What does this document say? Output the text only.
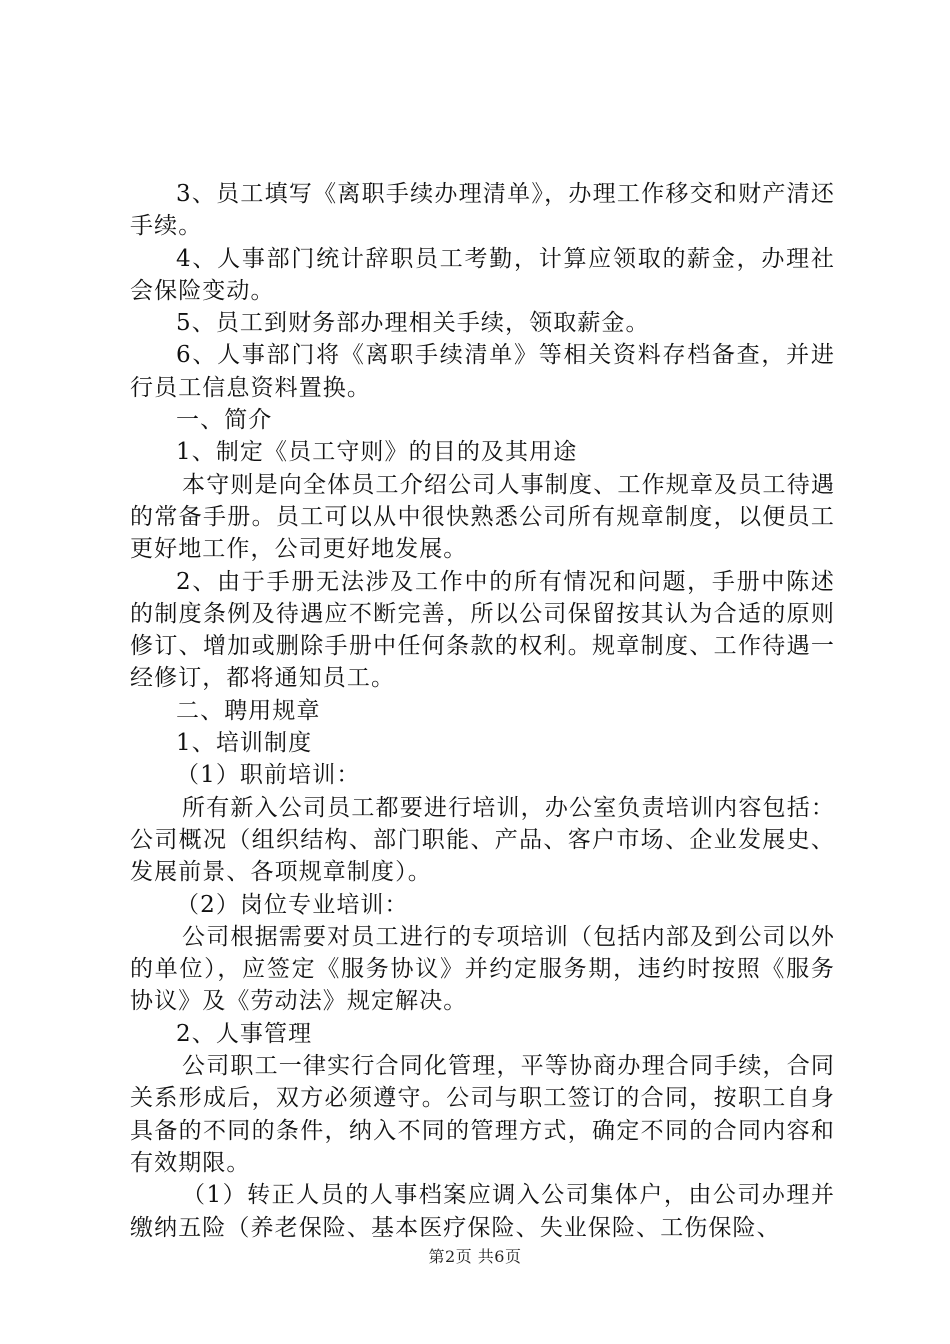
3、员工填写《离职手续办理清单》，办理工作移交和财产清还手续。

4、人事部门统计辞职员工考勤，计算应领取的薪金，办理社会保险变动。

5、员工到财务部办理相关手续，领取薪金。

6、人事部门将《离职手续清单》等相关资料存档备查，并进行员工信息资料置换。

一、简介

1、制定《员工守则》的目的及其用途

本守则是向全体员工介绍公司人事制度、工作规章及员工待遇的常备手册。员工可以从中很快熟悉公司所有规章制度，以便员工更好地工作，公司更好地发展。

2、由于手册无法涉及工作中的所有情况和问题，手册中陈述的制度条例及待遇应不断完善，所以公司保留按其认为合适的原则修订、增加或删除手册中任何条款的权利。规章制度、工作待遇一经修订，都将通知员工。

二、聘用规章

1、培训制度

（1）职前培训：

所有新入公司员工都要进行培训，办公室负责培训内容包括：公司概况（组织结构、部门职能、产品、客户市场、企业发展史、发展前景、各项规章制度）。

（2）岗位专业培训：

公司根据需要对员工进行的专项培训（包括内部及到公司以外的单位），应签定《服务协议》并约定服务期，违约时按照《服务协议》及《劳动法》规定解决。

2、人事管理

公司职工一律实行合同化管理，平等协商办理合同手续，合同关系形成后，双方必须遵守。公司与职工签订的合同，按职工自身具备的不同的条件，纳入不同的管理方式，确定不同的合同内容和有效期限。

（1）转正人员的人事档案应调入公司集体户，由公司办理并缴纳五险（养老保险、基本医疗保险、失业保险、工伤保险、

第2页 共6页
